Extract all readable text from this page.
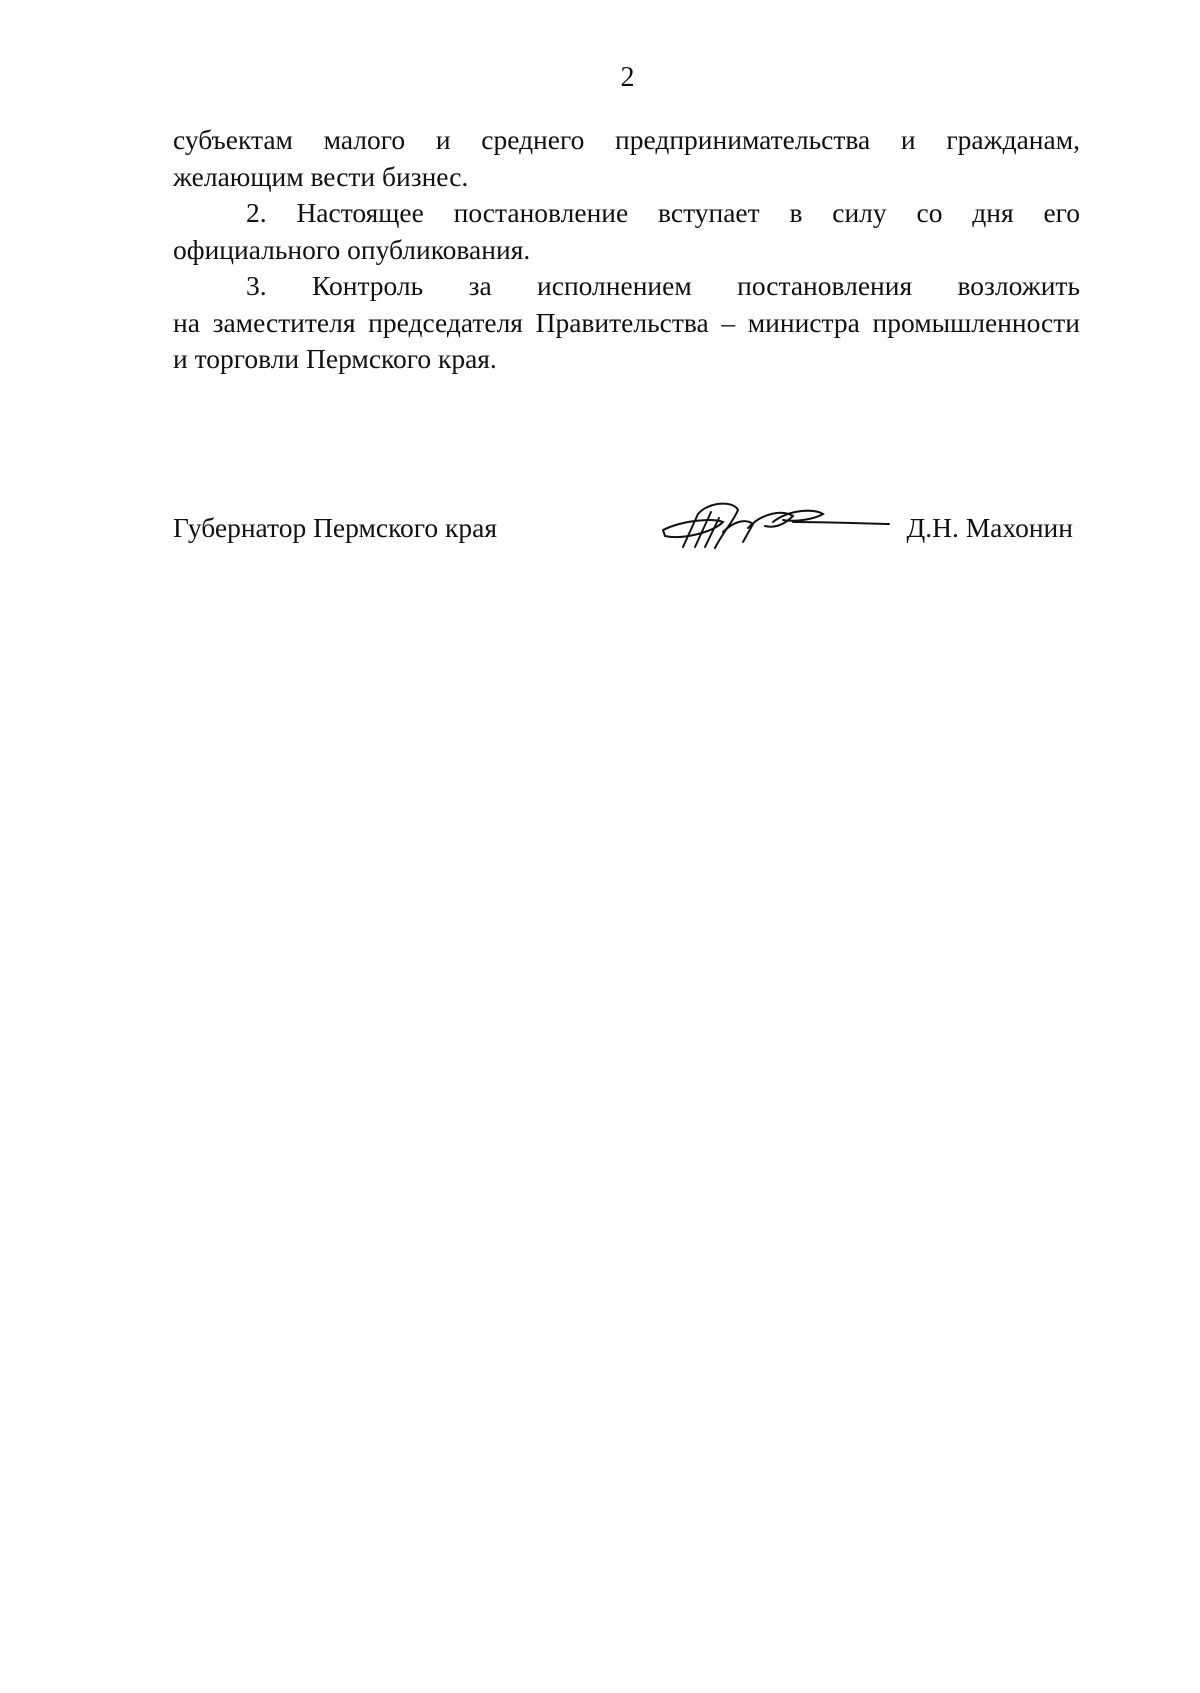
2
субъектам малого и среднего предпринимательства и гражданам,
желающим вести бизнес.
2. Настоящее постановление вступает в силу со дня его
официального опубликования.
3. Контроль за исполнением постановления возложить
на заместителя председателя Правительства – министра промышленности
и торговли Пермского края.
Губернатор Пермского края	Д.Н. Махонин
